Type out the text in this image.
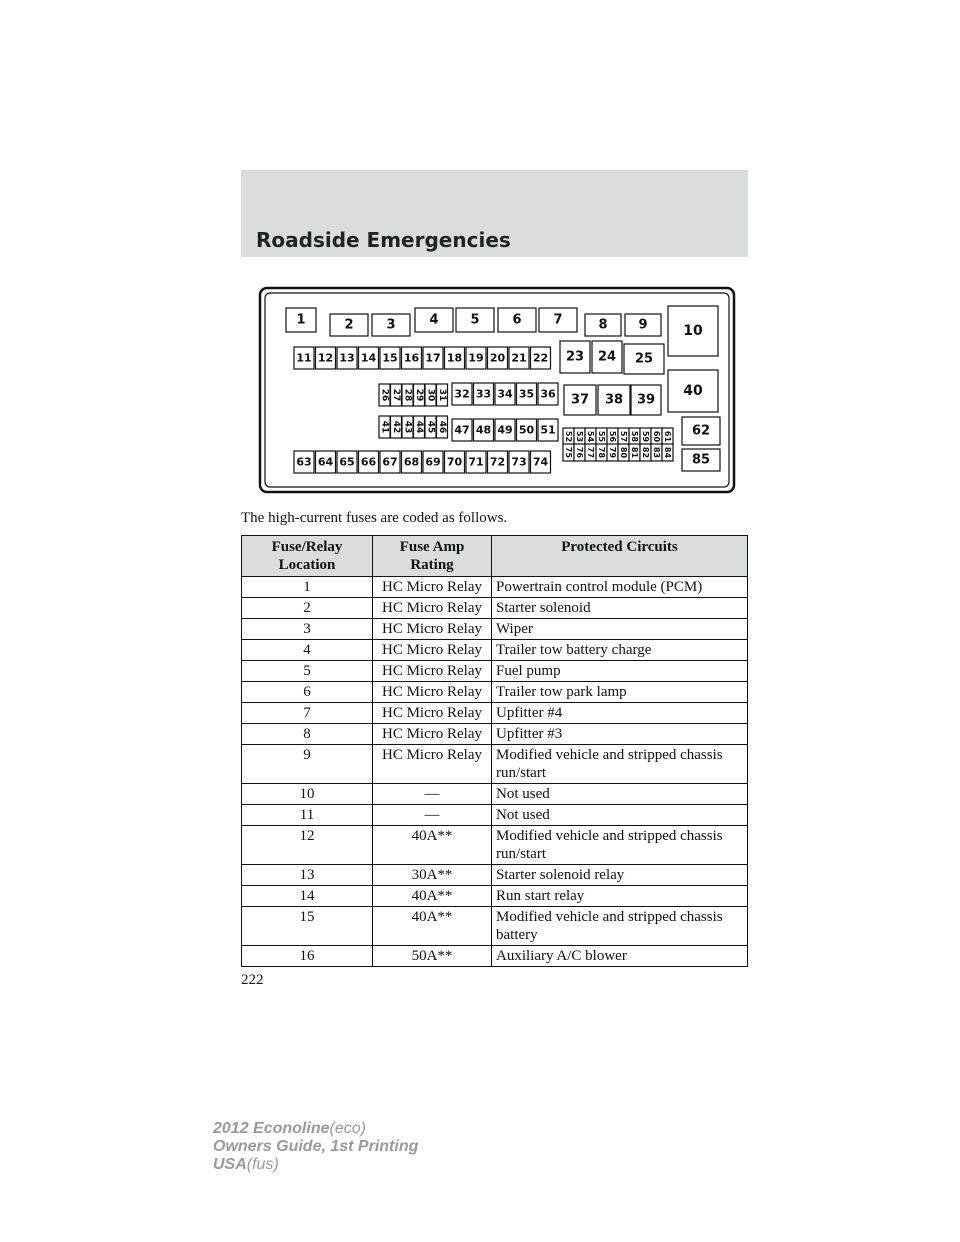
Roadside Emergencies
1	2	3	4 5	6 7	8 9	10
11 12 13 14 15 16 17 18 19 20 21 22 23 24 25
26 27 28 29 30 31 32 33 34 35 36 37 38 39
40
41 42 43 44 45 46 47 48 49 50 51 52 53 54 55 56 57 58 59 60 61 62
63 64 65 66 67 68 69 70 71 72 73 74
75 76 77 78 79 80 81 82 83 84 85

The high-current fuses are coded as follows.

Fuse/Relay Location	Fuse Amp Rating	Protected Circuits
1	HC Micro Relay	Powertrain control module (PCM)
2	HC Micro Relay	Starter solenoid
3	HC Micro Relay	Wiper
4	HC Micro Relay	Trailer tow battery charge
5	HC Micro Relay	Fuel pump
6	HC Micro Relay	Trailer tow park lamp
7	HC Micro Relay	Upfitter #4
8	HC Micro Relay	Upfitter #3
9	HC Micro Relay	Modified vehicle and stripped chassis run/start
10	—	Not used
11	—	Not used
12	40A**	Modified vehicle and stripped chassis run/start
13	30A**	Starter solenoid relay
14	40A**	Run start relay
15	40A**	Modified vehicle and stripped chassis battery
16	50A**	Auxiliary A/C blower

222

2012 Econoline(eco)
Owners Guide, 1st Printing
USA(fus)
